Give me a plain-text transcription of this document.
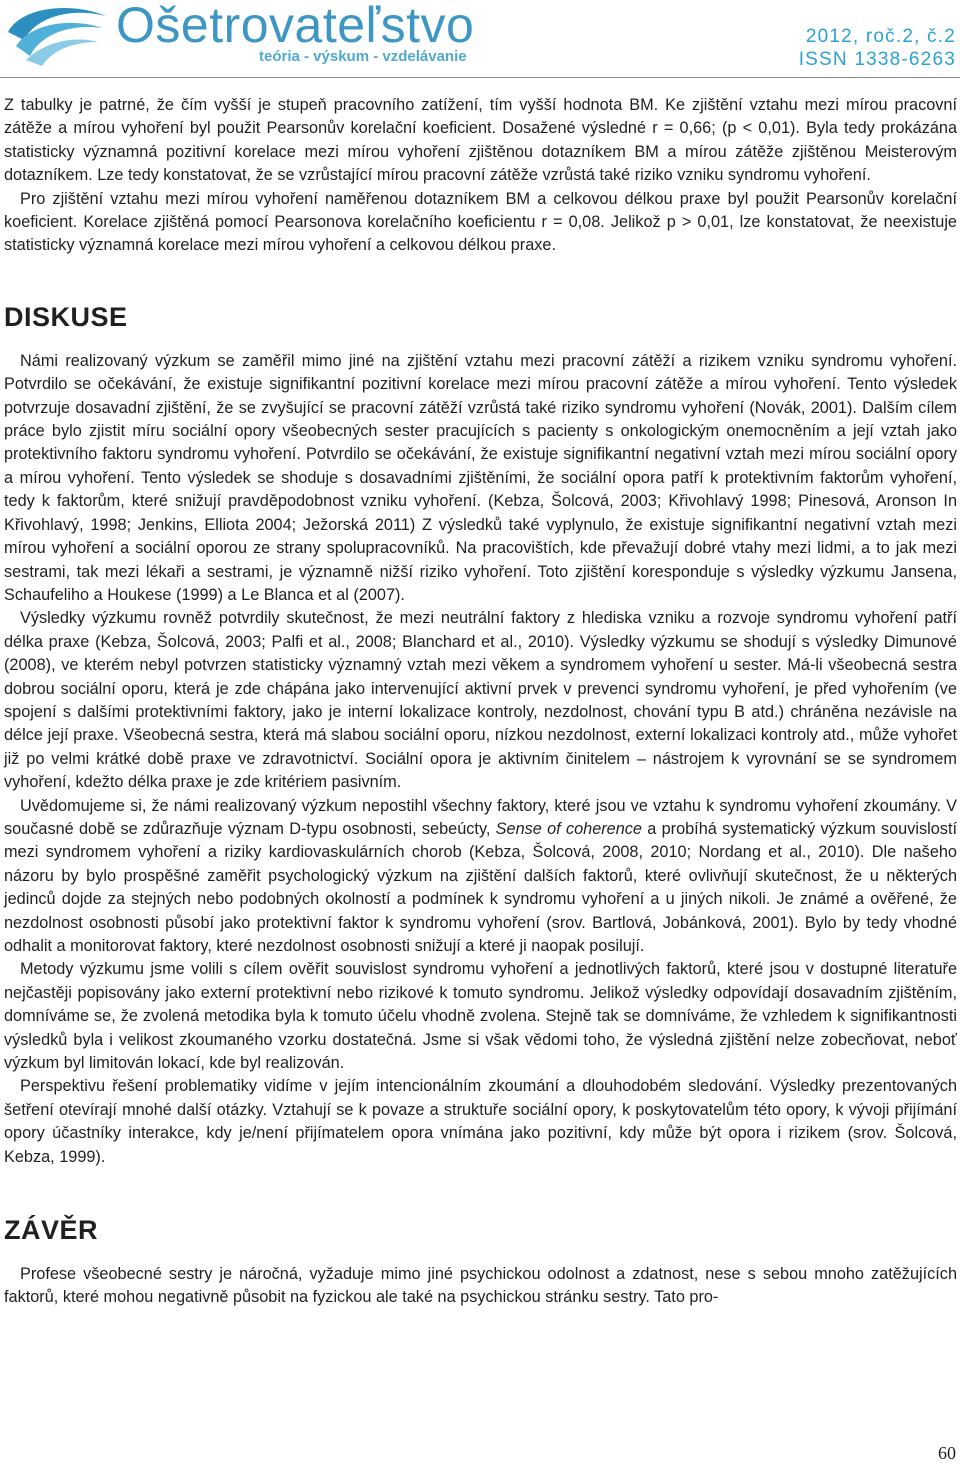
Ošetrovateľstvo
teória - výskum - vzdelávanie
2012, roč.2, č.2
ISSN 1338-6263

Z tabulky je patrné, že čím vyšší je stupeň pracovního zatížení, tím vyšší hodnota BM. Ke zjištění vztahu mezi mírou pracovní zátěže a mírou vyhoření byl použit Pearsonův korelační koeficient. Dosažené výsledné r = 0,66; (p < 0,01). Byla tedy prokázána statisticky významná pozitivní korelace mezi mírou vyhoření zjištěnou dotazníkem BM a mírou zátěže zjištěnou Meisterovým dotazníkem. Lze tedy konstatovat, že se vzrůstající mírou pracovní zátěže vzrůstá také riziko vzniku syndromu vyhoření.

Pro zjištění vztahu mezi mírou vyhoření naměřenou dotazníkem BM a celkovou délkou praxe byl použit Pearsonův korelační koeficient. Korelace zjištěná pomocí Pearsonova korelačního koeficientu r = 0,08. Jelikož p > 0,01, lze konstatovat, že neexistuje statisticky významná korelace mezi mírou vyhoření a celkovou délkou praxe.

DISKUSE

Námi realizovaný výzkum se zaměřil mimo jiné na zjištění vztahu mezi pracovní zátěží a rizikem vzniku syndromu vyhoření. Potvrdilo se očekávání, že existuje signifikantní pozitivní korelace mezi mírou pracovní zátěže a mírou vyhoření. Tento výsledek potvrzuje dosavadní zjištění, že se zvyšující se pracovní zátěží vzrůstá také riziko syndromu vyhoření (Novák, 2001). Dalším cílem práce bylo zjistit míru sociální opory všeobecných sester pracujících s pacienty s onkologickým onemocněním a její vztah jako protektivního faktoru syndromu vyhoření. Potvrdilo se očekávání, že existuje signifikantní negativní vztah mezi mírou sociální opory a mírou vyhoření. Tento výsledek se shoduje s dosavadními zjištěními, že sociální opora patří k protektivním faktorům vyhoření, tedy k faktorům, které snižují pravděpodobnost vzniku vyhoření. (Kebza, Šolcová, 2003; Křivohlavý 1998; Pinesová, Aronson In Křivohlavý, 1998; Jenkins, Elliota 2004; Ježorská 2011) Z výsledků také vyplynulo, že existuje signifikantní negativní vztah mezi mírou vyhoření a sociální oporou ze strany spolupracovníků. Na pracovištích, kde převažují dobré vtahy mezi lidmi, a to jak mezi sestrami, tak mezi lékaři a sestrami, je významně nižší riziko vyhoření. Toto zjištění koresponduje s výsledky výzkumu Jansena, Schaufeliho a Houkese (1999) a Le Blanca et al (2007).

Výsledky výzkumu rovněž potvrdily skutečnost, že mezi neutrální faktory z hlediska vzniku a rozvoje syndromu vyhoření patří délka praxe (Kebza, Šolcová, 2003; Palfi et al., 2008; Blanchard et al., 2010). Výsledky výzkumu se shodují s výsledky Dimunové (2008), ve kterém nebyl potvrzen statisticky významný vztah mezi věkem a syndromem vyhoření u sester. Má-li všeobecná sestra dobrou sociální oporu, která je zde chápána jako intervenující aktivní prvek v prevenci syndromu vyhoření, je před vyhořením (ve spojení s dalšími protektivními faktory, jako je interní lokalizace kontroly, nezdolnost, chování typu B atd.) chráněna nezávisle na délce její praxe. Všeobecná sestra, která má slabou sociální oporu, nízkou nezdolnost, externí lokalizaci kontroly atd., může vyhořet již po velmi krátké době praxe ve zdravotnictví. Sociální opora je aktivním činitelem – nástrojem k vyrovnání se se syndromem vyhoření, kdežto délka praxe je zde kritériem pasivním.

Uvědomujeme si, že námi realizovaný výzkum nepostihl všechny faktory, které jsou ve vztahu k syndromu vyhoření zkoumány. V současné době se zdůrazňuje význam D-typu osobnosti, sebeúcty, Sense of coherence a probíhá systematický výzkum souvislostí mezi syndromem vyhoření a riziky kardiovaskulárních chorob (Kebza, Šolcová, 2008, 2010; Nordang et al., 2010). Dle našeho názoru by bylo prospěšné zaměřit psychologický výzkum na zjištění dalších faktorů, které ovlivňují skutečnost, že u některých jedinců dojde za stejných nebo podobných okolností a podmínek k syndromu vyhoření a u jiných nikoli. Je známé a ověřené, že nezdolnost osobnosti působí jako protektivní faktor k syndromu vyhoření (srov. Bartlová, Jobánková, 2001). Bylo by tedy vhodné odhalit a monitorovat faktory, které nezdolnost osobnosti snižují a které ji naopak posilují.

Metody výzkumu jsme volili s cílem ověřit souvislost syndromu vyhoření a jednotlivých faktorů, které jsou v dostupné literatuře nejčastěji popisovány jako externí protektivní nebo rizikové k tomuto syndromu. Jelikož výsledky odpovídají dosavadním zjištěním, domníváme se, že zvolená metodika byla k tomuto účelu vhodně zvolena. Stejně tak se domníváme, že vzhledem k signifikantnosti výsledků byla i velikost zkoumaného vzorku dostatečná. Jsme si však vědomi toho, že výsledná zjištění nelze zobecňovat, neboť výzkum byl limitován lokací, kde byl realizován.

Perspektivu řešení problematiky vidíme v jejím intencionálním zkoumání a dlouhodobém sledování. Výsledky prezentovaných šetření otevírají mnohé další otázky. Vztahují se k povaze a struktuře sociální opory, k poskytovatelům této opory, k vývoji přijímání opory účastníky interakce, kdy je/není přijímatelem opora vnímána jako pozitivní, kdy může být opora i rizikem (srov. Šolcová, Kebza, 1999).

ZÁVĚR

Profese všeobecné sestry je náročná, vyžaduje mimo jiné psychickou odolnost a zdatnost, nese s sebou mnoho zatěžujících faktorů, které mohou negativně působit na fyzickou ale také na psychickou stránku sestry. Tato pro-

60
